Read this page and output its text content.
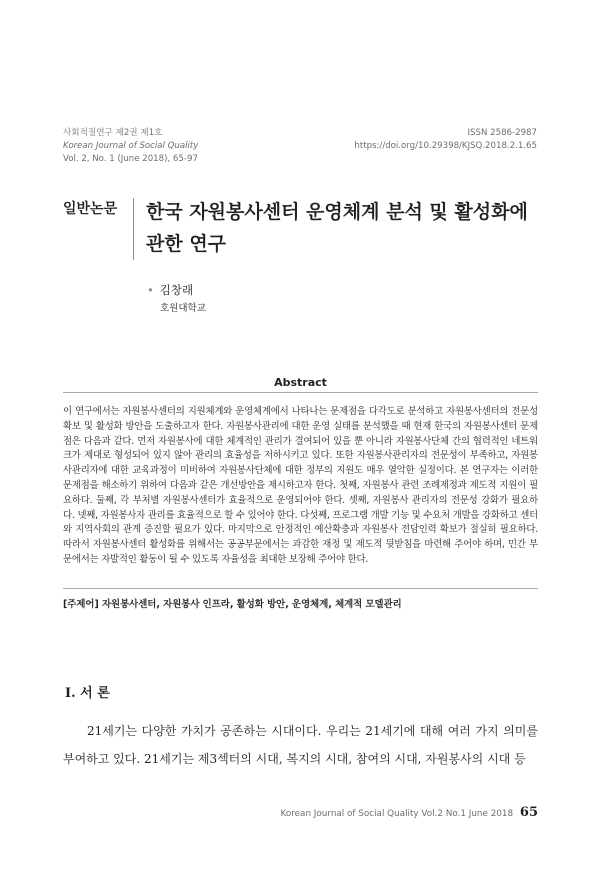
사회적질연구 제2권 제1호
Korean Journal of Social Quality
Vol. 2, No. 1 (June 2018), 65-97
ISSN 2586-2987
https://doi.org/10.29398/KJSQ.2018.2.1.65
일반논문 한국 자원봉사센터 운영체계 분석 및 활성화에 관한 연구
• 김창래
호원대학교
Abstract
이 연구에서는 자원봉사센터의 지원체계와 운영체계에서 나타나는 문제점을 다각도로 분석하고 자원봉사센터의 전문성 확보 및 활성화 방안을 도출하고자 한다. 자원봉사관리에 대한 운영 실태를 분석했을 때 현재 한국의 자원봉사센터 문제점은 다음과 같다. 먼저 자원봉사에 대한 체계적인 관리가 결여되어 있을 뿐 아니라 자원봉사단체 간의 협력적인 네트워크가 제대로 형성되어 있지 않아 관리의 효율성을 저하시키고 있다. 또한 자원봉사관리자의 전문성이 부족하고, 자원봉사관리자에 대한 교육과정이 미비하여 자원봉사단체에 대한 정부의 지원도 매우 열악한 실정이다. 본 연구자는 이러한 문제점을 해소하기 위하여 다음과 같은 개선방안을 제시하고자 한다. 첫째, 자원봉사 관련 조례제정과 제도적 지원이 필요하다. 둘째, 각 부처별 자원봉사센터가 효율적으로 운영되어야 한다. 셋째, 자원봉사 관리자의 전문성 강화가 필요하다. 넷째, 자원봉사자 관리를 효율적으로 할 수 있어야 한다. 다섯째, 프로그램 개발 기능 및 수요처 개발을 강화하고 센터와 지역사회의 관계 증진할 필요가 있다. 마지막으로 안정적인 예산확충과 자원봉사 전담인력 확보가 절실히 필요하다. 따라서 자원봉사센터 활성화를 위해서는 공공부문에서는 과감한 재정 및 제도적 뒷받침을 마련해 주어야 하며, 민간 부문에서는 자발적인 활동이 될 수 있도록 자율성을 최대한 보장해 주어야 한다.
[주제어] 자원봉사센터, 자원봉사 인프라, 활성화 방안, 운영체계, 체계적 모델관리
Ⅰ. 서 론

21세기는 다양한 가치가 공존하는 시대이다. 우리는 21세기에 대해 여러 가지 의미를 부여하고 있다. 21세기는 제3섹터의 시대, 복지의 시대, 참여의 시대, 자원봉사의 시대 등

Korean Journal of Social Quality Vol.2 No.1 June 2018 65
